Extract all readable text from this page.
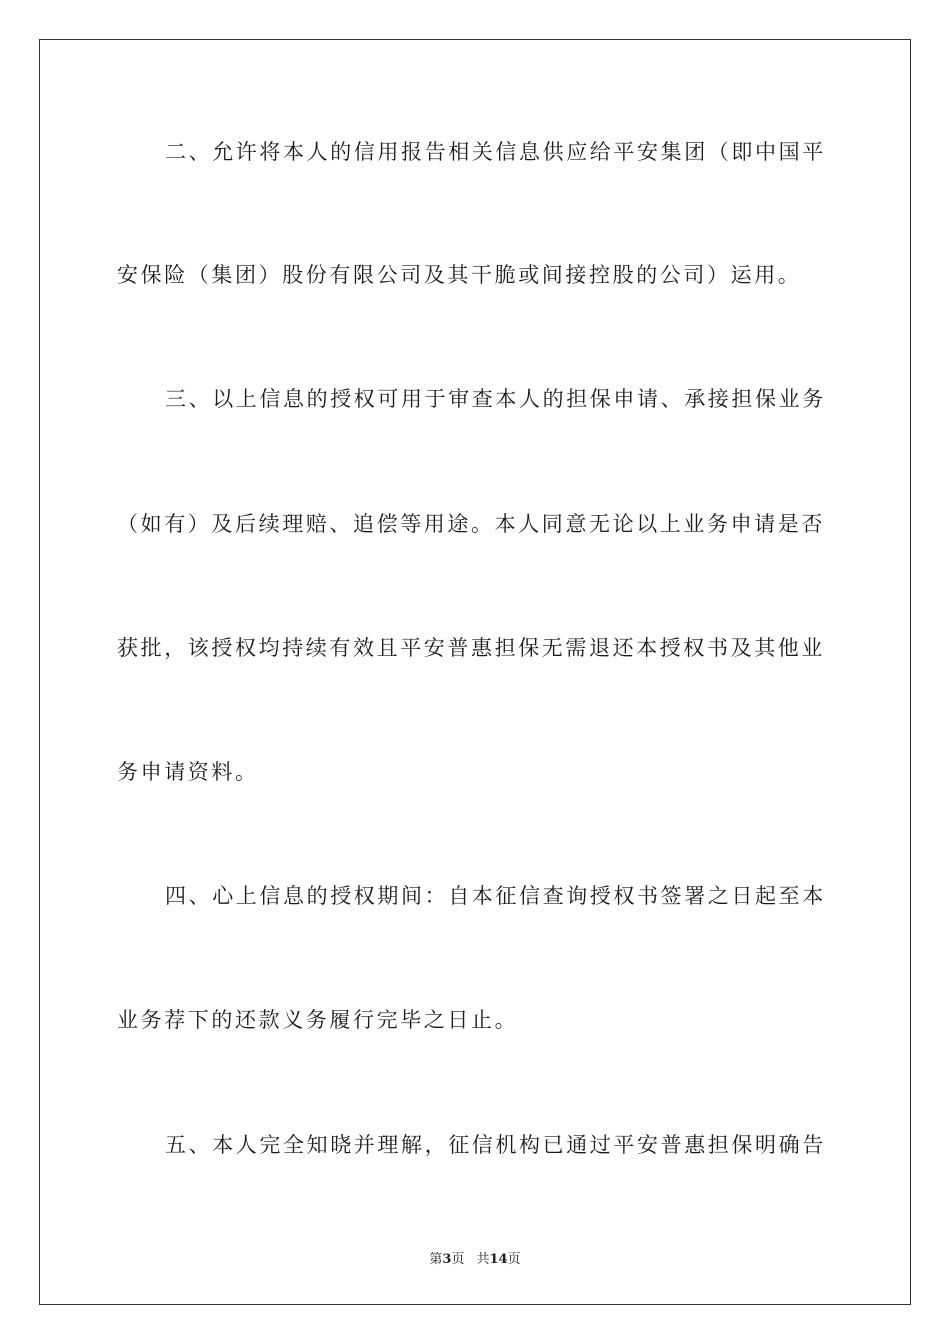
二、允许将本人的信用报告相关信息供应给平安集团（即中国平
安保险（集团）股份有限公司及其干脆或间接控股的公司）运用。
三、以上信息的授权可用于审查本人的担保申请、承接担保业务
（如有）及后续理赔、追偿等用途。本人同意无论以上业务申请是否
获批，该授权均持续有效且平安普惠担保无需退还本授权书及其他业
务申请资料。
四、心上信息的授权期间：自本征信查询授权书签署之日起至本
业务荐下的还款义务履行完毕之日止。
五、本人完全知晓并理解，征信机构已通过平安普惠担保明确告
第3页 共14页
